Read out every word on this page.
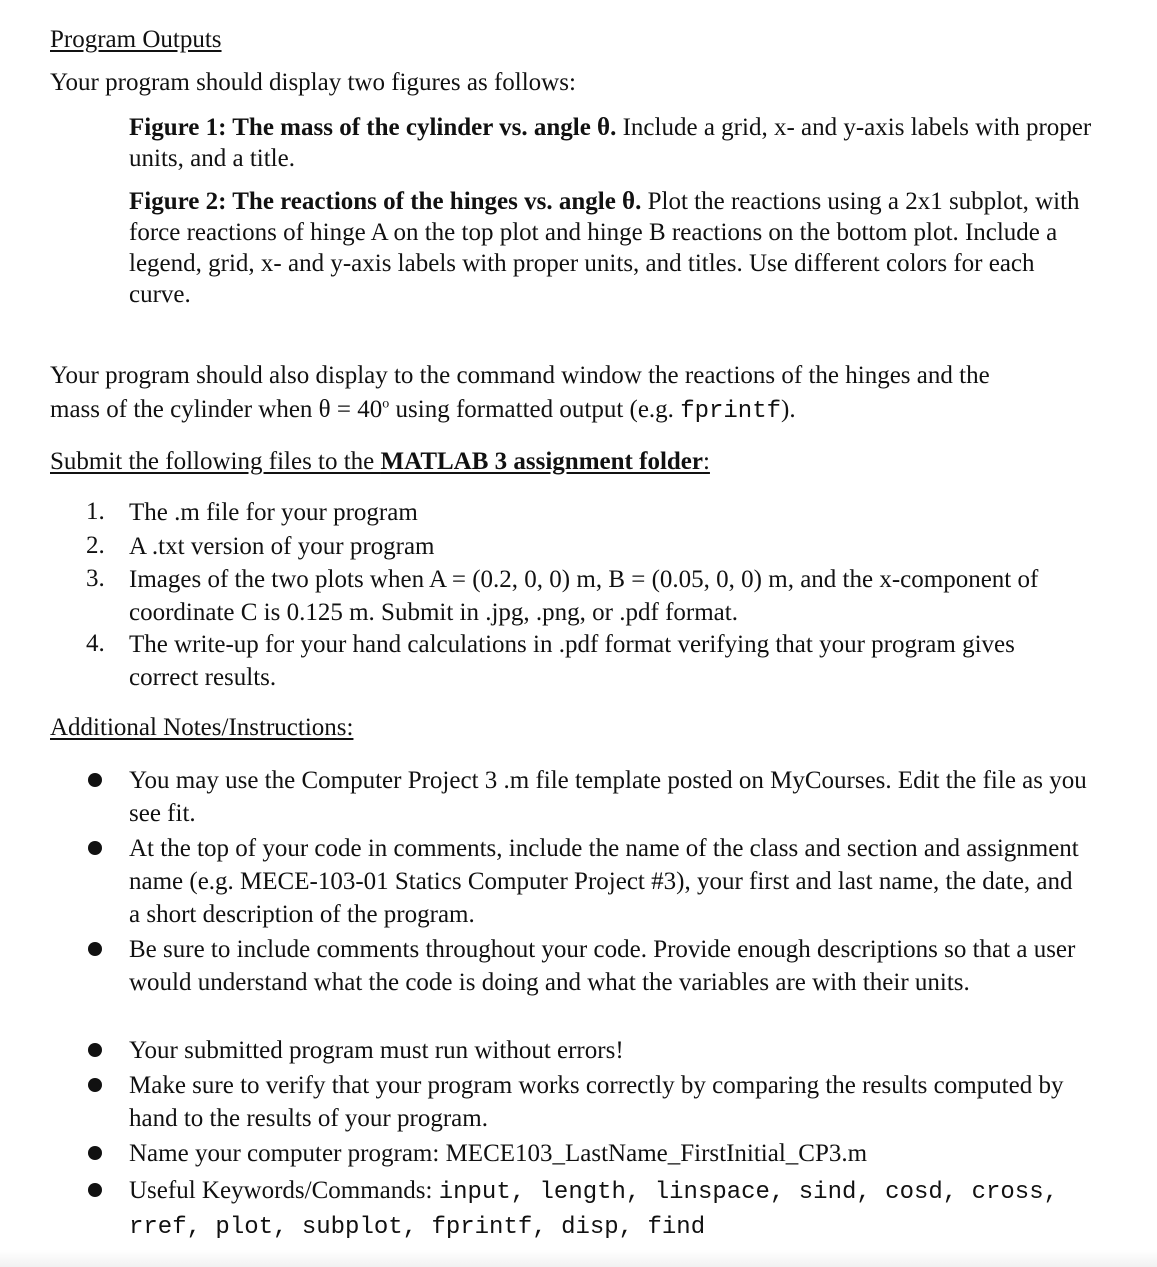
Program Outputs
Your program should display two figures as follows:
Figure 1: The mass of the cylinder vs. angle θ. Include a grid, x- and y-axis labels with proper units, and a title.
Figure 2: The reactions of the hinges vs. angle θ. Plot the reactions using a 2x1 subplot, with force reactions of hinge A on the top plot and hinge B reactions on the bottom plot. Include a legend, grid, x- and y-axis labels with proper units, and titles. Use different colors for each curve.
Your program should also display to the command window the reactions of the hinges and the
mass of the cylinder when $\theta = 40^o$ using formatted output (e.g. fprintf).
Submit the following files to the MATLAB 3 assignment folder:
1. The .m file for your program
2. A .txt version of your program
3. Images of the two plots when A = (0.2, 0, 0) m, B = (0.05, 0, 0) m, and the x-component of coordinate C is 0.125 m. Submit in .jpg, .png, or .pdf format.
4. The write-up for your hand calculations in .pdf format verifying that your program gives correct results.
Additional Notes/Instructions:
You may use the Computer Project 3 .m file template posted on MyCourses. Edit the file as you see fit.
At the top of your code in comments, include the name of the class and section and assignment name (e.g. MECE-103-01 Statics Computer Project #3), your first and last name, the date, and a short description of the program.
Be sure to include comments throughout your code. Provide enough descriptions so that a user would understand what the code is doing and what the variables are with their units.
Your submitted program must run without errors!
Make sure to verify that your program works correctly by comparing the results computed by hand to the results of your program.
Name your computer program: MECE103_LastName_FirstInitial_CP3.m
Useful Keywords/Commands: input, length, linspace, sind, cosd, cross, rref, plot, subplot, fprintf, disp, find
